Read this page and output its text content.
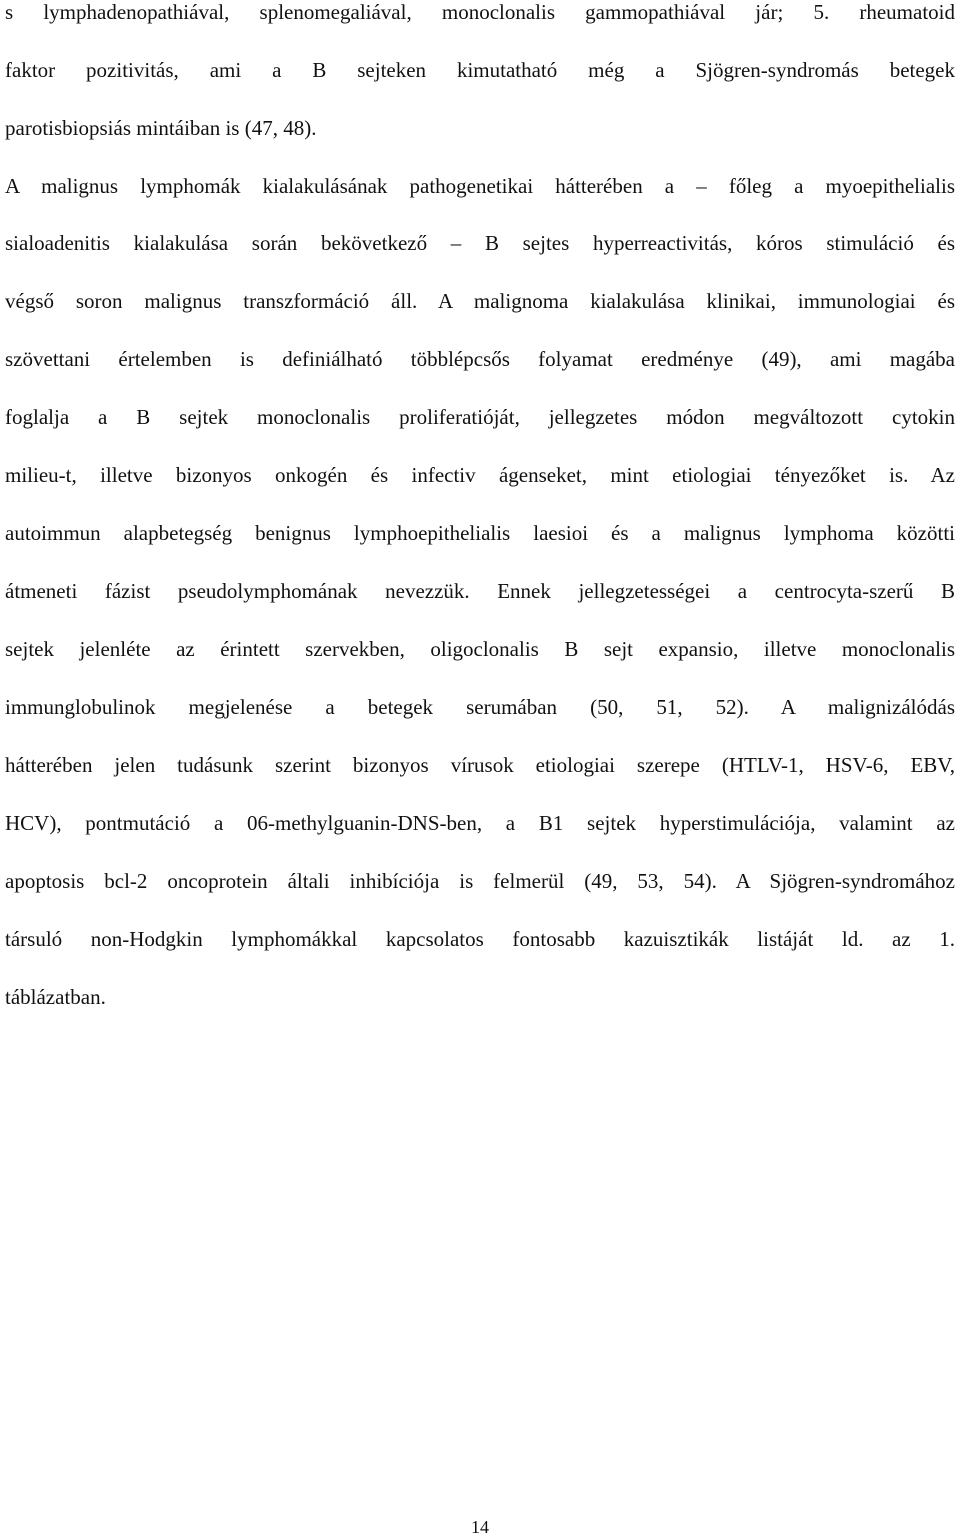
s lymphadenopathiával, splenomegaliával, monoclonalis gammopathiával jár; 5. rheumatoid
faktor pozitivitás, ami a B sejteken kimutatható még a Sjögren-syndromás betegek
parotisbiopsiás mintáiban is (47, 48).
A malignus lymphomák kialakulásának pathogenetikai hátterében a – főleg a myoepithelialis
sialoadenitis kialakulása során bekövetkező – B sejtes hyperreactivitás, kóros stimuláció és
végső soron malignus transzformáció áll. A malignoma kialakulása klinikai, immunologiai és
szövettani értelemben is definiálható többlépcsős folyamat eredménye (49), ami magába
foglalja a B sejtek monoclonalis proliferatióját, jellegzetes módon megváltozott cytokin
milieu-t, illetve bizonyos onkogén és infectiv ágenseket, mint etiologiai tényezőket is. Az
autoimmun alapbetegség benignus lymphoepithelialis laesioi és a malignus lymphoma közötti
átmeneti fázist pseudolymphomának nevezzük. Ennek jellegzetességei a centrocyta-szerű B
sejtek jelenléte az érintett szervekben, oligoclonalis B sejt expansio, illetve monoclonalis
immunglobulinok megjelenése a betegek serumában (50, 51, 52). A malignizálódás
hátterében jelen tudásunk szerint bizonyos vírusok etiologiai szerepe (HTLV-1, HSV-6, EBV,
HCV), pontmutáció a 06-methylguanin-DNS-ben, a B1 sejtek hyperstimulációja, valamint az
apoptosis bcl-2 oncoprotein általi inhibíciója is felmerül (49, 53, 54). A Sjögren-syndromához
társuló non-Hodgkin lymphomákkal kapcsolatos fontosabb kazuisztikák listáját ld. az 1.
táblázatban.
14
